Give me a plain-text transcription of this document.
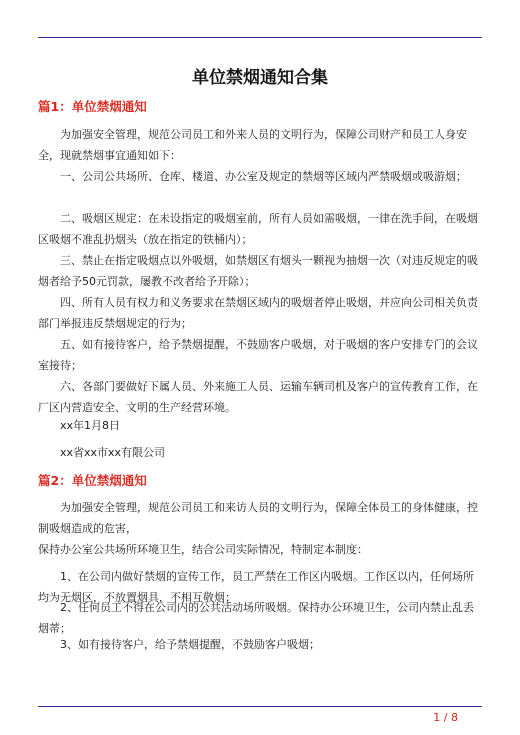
单位禁烟通知合集
篇1：单位禁烟通知
为加强安全管理，规范公司员工和外来人员的文明行为，保障公司财产和员工人身安全，现就禁烟事宜通知如下：
一、公司公共场所、仓库、楼道、办公室及规定的禁烟等区域内严禁吸烟或吸游烟；
二、吸烟区规定：在未设指定的吸烟室前，所有人员如需吸烟，一律在洗手间，在吸烟区吸烟不准乱扔烟头（放在指定的铁桶内）；
三、禁止在指定吸烟点以外吸烟，如禁烟区有烟头一颗视为抽烟一次（对违反规定的吸烟者给予50元罚款，屡教不改者给予开除）；
四、所有人员有权力和义务要求在禁烟区域内的吸烟者停止吸烟，并应向公司相关负责部门举报违反禁烟规定的行为；
五、如有接待客户，给予禁烟提醒，不鼓励客户吸烟，对于吸烟的客户安排专门的会议室接待；
六、各部门要做好下属人员、外来施工人员、运输车辆司机及客户的宣传教育工作，在厂区内营造安全、文明的生产经营环境。
xx年1月8日
xx省xx市xx有限公司
篇2：单位禁烟通知
为加强安全管理，规范公司员工和来访人员的文明行为，保障全体员工的身体健康，控制吸烟造成的危害，
保持办公室公共场所环境卫生，结合公司实际情况，特制定本制度：
1、在公司内做好禁烟的宣传工作，员工严禁在工作区内吸烟。工作区以内，任何场所均为无烟区，不放置烟具，不相互敬烟；
2、任何员工不得在公司内的公共活动场所吸烟。保持办公环境卫生，公司内禁止乱丢烟蒂；
3、如有接待客户，给予禁烟提醒，不鼓励客户吸烟；
1 / 8
